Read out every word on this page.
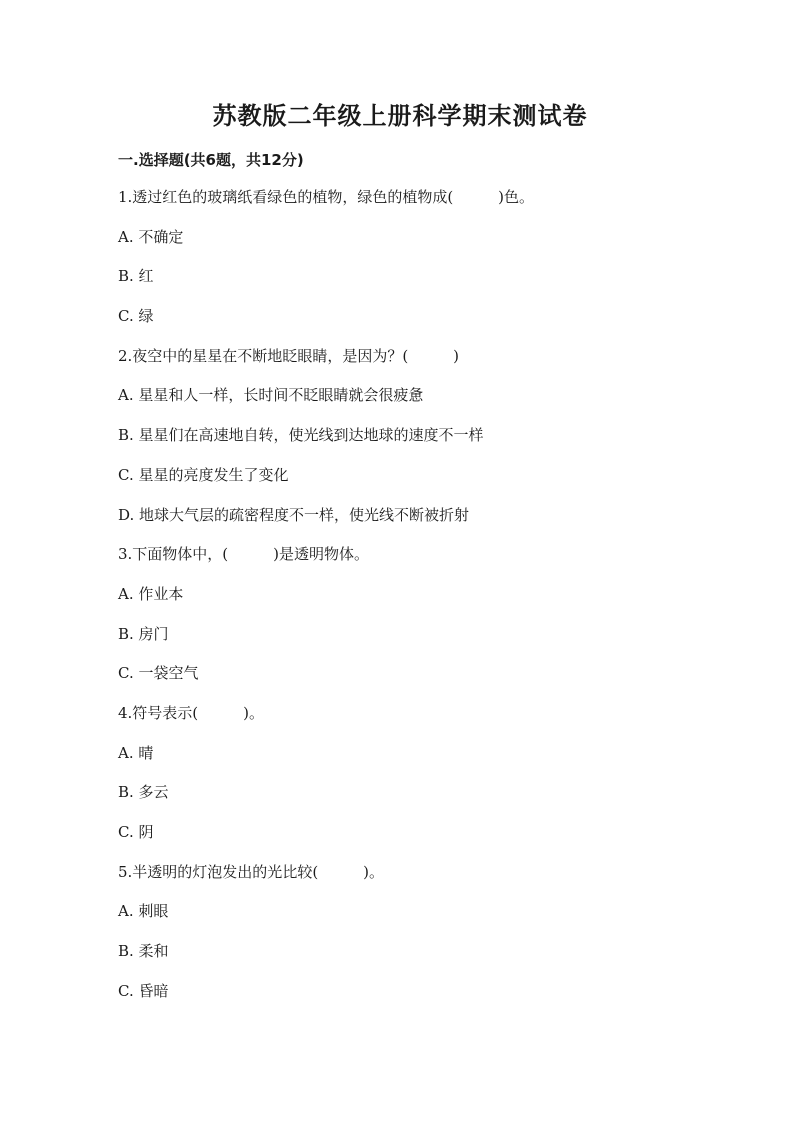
苏教版二年级上册科学期末测试卷
一.选择题(共6题，共12分)
1.透过红色的玻璃纸看绿色的植物，绿色的植物成(　　　)色。
A. 不确定
B. 红
C. 绿
2.夜空中的星星在不断地眨眼睛，是因为？(　　　)
A. 星星和人一样，长时间不眨眼睛就会很疲惫
B. 星星们在高速地自转，使光线到达地球的速度不一样
C. 星星的亮度发生了变化
D. 地球大气层的疏密程度不一样，使光线不断被折射
3.下面物体中，(　　　)是透明物体。
A. 作业本
B. 房门
C. 一袋空气
4.符号表示(　　　)。
A. 晴
B. 多云
C. 阴
5.半透明的灯泡发出的光比较(　　　)。
A. 刺眼
B. 柔和
C. 昏暗
